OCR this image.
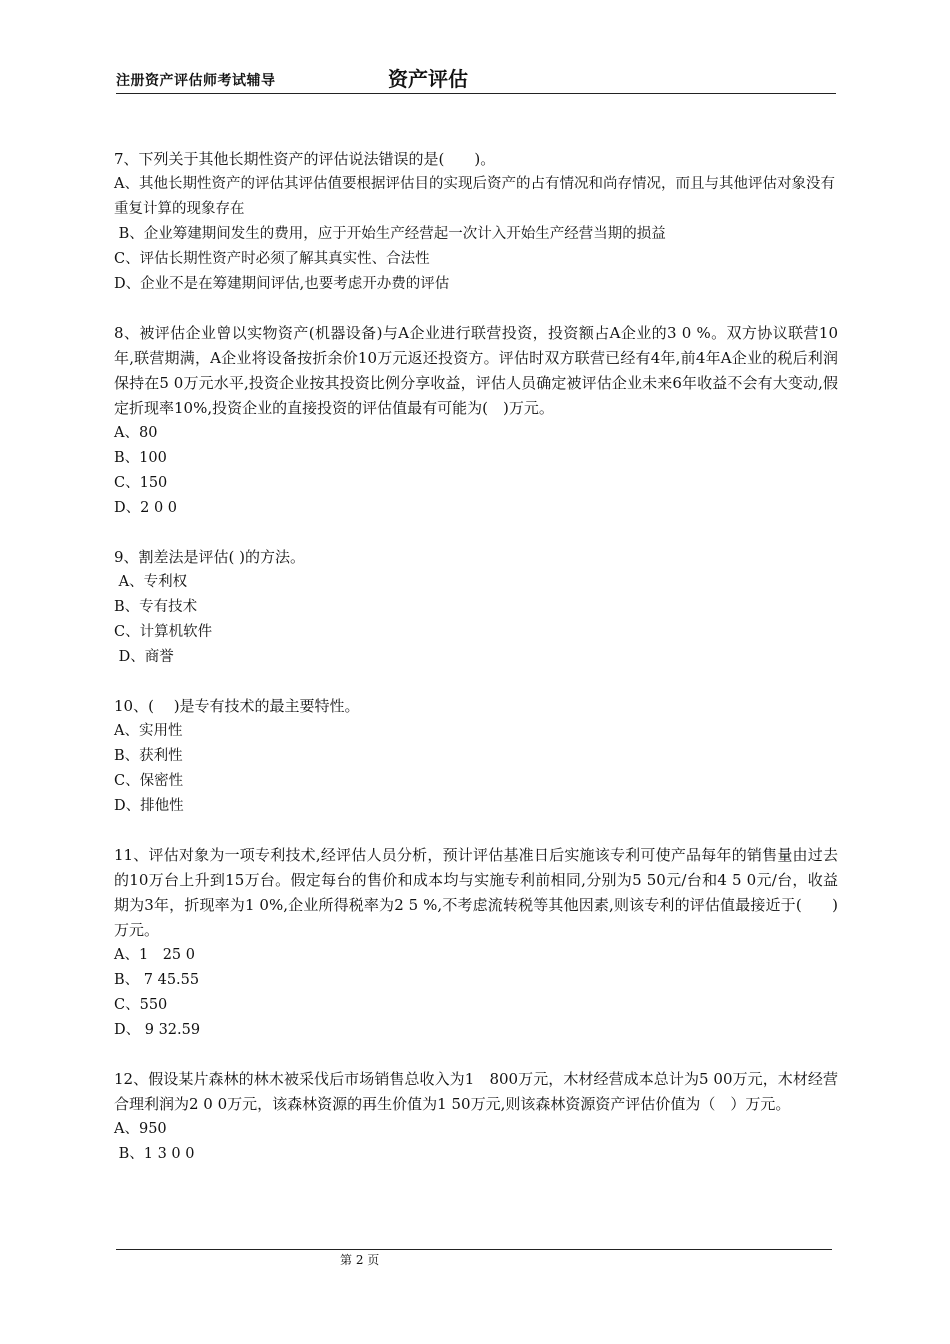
注册资产评估师考试辅导	资产评估
7、下列关于其他长期性资产的评估说法错误的是(　　)。
A、其他长期性资产的评估其评估值要根据评估目的实现后资产的占有情况和尚存情况，而且与其他评估对象没有重复计算的现象存在
B、企业筹建期间发生的费用，应于开始生产经营起一次计入开始生产经营当期的损益
C、评估长期性资产时必须了解其真实性、合法性
D、企业不是在筹建期间评估,也要考虑开办费的评估
8、被评估企业曾以实物资产(机器设备)与A企业进行联营投资，投资额占A企业的3 0 %。双方协议联营10年,联营期满，A企业将设备按折余价10万元返还投资方。评估时双方联营已经有4年,前4年A企业的税后利润保持在5 0万元水平,投资企业按其投资比例分享收益，评估人员确定被评估企业未来6年收益不会有大变动,假定折现率10%,投资企业的直接投资的评估值最有可能为(　)万元。
A、80
B、100
C、150
D、2 0 0
9、割差法是评估( )的方法。
A、专利权
B、专有技术
C、计算机软件
D、商誉
10、(　 )是专有技术的最主要特性。
A、实用性
B、获利性
C、保密性
D、排他性
11、评估对象为一项专利技术,经评估人员分析，预计评估基准日后实施该专利可使产品每年的销售量由过去的10万台上升到15万台。假定每台的售价和成本均与实施专利前相同,分别为5 50元/台和4 5 0元/台，收益期为3年，折现率为1 0%,企业所得税率为2 5 %,不考虑流转税等其他因素,则该专利的评估值最接近于(　　)万元。
A、1　25 0
B、 7 45.55
C、550
D、 9 32.59
12、假设某片森林的林木被采伐后市场销售总收入为1　800万元，木材经营成本总计为5 00万元，木材经营合理利润为2 0 0万元，该森林资源的再生价值为1 50万元,则该森林资源资产评估价值为（　）万元。
A、950
B、1 3 0 0
第 2 页
